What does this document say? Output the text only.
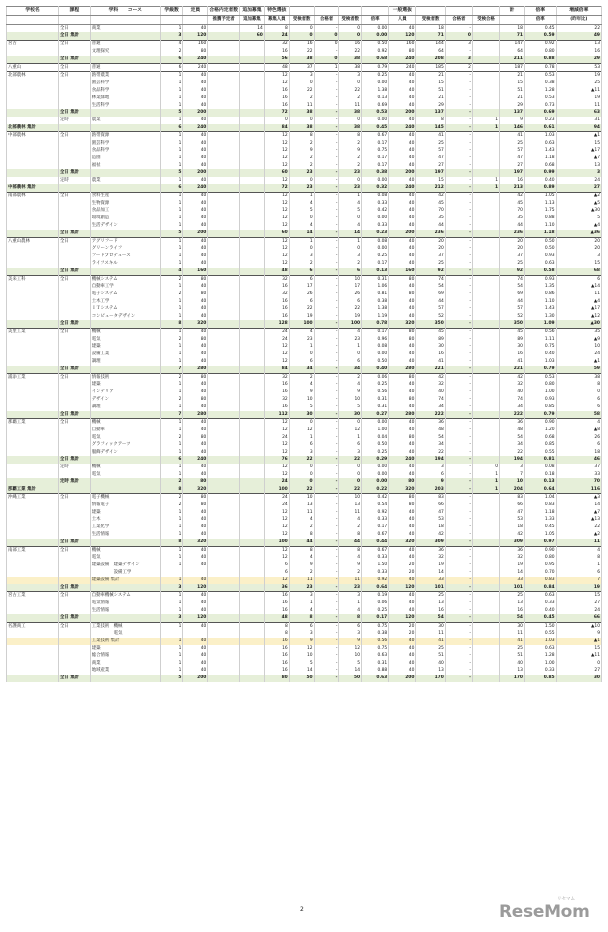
学校名	課程	学科　　コース	学級数	定員	合格内定者数	追加募集	特色選抜					一般選抜				計	倍率	増減倍率
					推薦予定者	追加募集	募集人員	受検者数	合格者	受検者数	倍率	人員	受検者数	合格者	受検合格		倍率	(昨年比)
	全日	商業	1	40		14	8	0	-	0	0.00	40	18	-		18	0.45	22
	全日 集計		3	120		60	24	0	0	0	0.00	120	71	0		71	0.59	49
宮古	全日	普通	4	160			32	16	0	16	0.50	160	144	3		147	0.92	13
		文理探究	2	80			16	22	-	22	0.92	80	64	-		64	0.80	16
	全日 集計		6	240			56	38	0	38	0.68	240	208	3		211	0.88	29
八重山	全日	普通	6	240			48	37	1	38	0.79	240	185	2		187	0.78	53
北部農林	全日	熱帯農業	1	40			12	3	-	3	0.25	40	21	-		21	0.53	19
		園芸科学	1	40			12	0	-	0	0.00	40	15	-		15	0.38	25
		食品科学	1	40			16	22	-	22	1.38	40	51	-		51	1.28	▲11
		林業緑地	1	40			16	2	-	2	0.13	40	21	-		21	0.53	19
		生活科学	1	40			16	11	-	11	0.69	40	29	-		29	0.73	11
	全日 集計		5	200			72	38	-	38	0.53	200	137	-		137	0.69	63
	定時	農業	1	40			0	0	-	0	0.00	40	8	-	1	9	0.23	31
北部農林 集計			6	240			84	38	-	38	0.45	240	145	-	1	146	0.61	94
中部農林	全日	熱帯資源	1	40			12	8	-	8	0.67	40	41	-		41	1.03	▲1
		園芸科学	1	40			12	2	-	2	0.17	40	25	-		25	0.63	15
		食品科学	1	40			12	9	-	9	0.75	40	57	-		57	1.43	▲17
		造園	1	40			12	2	-	2	0.17	40	47	-		47	1.18	▲7
		福祉	1	40			12	2	-	2	0.17	40	27	-		27	0.68	13
	全日 集計		5	200			60	23	-	23	0.38	200	197	-		197	0.99	3
	定時	農業	1	40			12	0	-	0	0.00	40	15	-	1	16	0.40	24
中部農林 集計			6	240			72	23	-	23	0.32	240	212	-	1	213	0.89	27
南部農林	全日	食料生産	1	40			12	1	-	1	0.08	40	42	-		42	1.05	▲2
		生物資源	1	40			12	4	-	4	0.33	40	45	-		45	1.13	▲5
		食品加工	1	40			12	5	-	5	0.42	40	70	-		70	1.75	▲30
		環境創造	1	40			12	0	-	0	0.00	40	35	-		35	0.88	5
		生活デザイン	1	40			12	4	-	4	0.33	40	44	-		44	1.10	▲4
	全日 集計		5	200			60	14	-	14	0.23	200	236	-		236	1.18	▲36
八重山農林	全日	アグリフード	1	40			12	1	-	1	0.08	40	20	-		20	0.50	20
		グリーンライフ	1	40			12	0	-	0	0.00	40	20	-		20	0.50	20
		フードプロデュース	1	40			12	3	-	3	0.25	40	37	-		37	0.93	3
		ライフスキル	1	40			12	2	-	2	0.17	40	25	-		25	0.63	15
	全日 集計		4	160			48	6	-	6	0.13	160	92	-		92	0.58	68
美来工科	全日	機械システム	2	80			32	6	-	10	0.31	80	74	-		74	0.93	6
		自動車工学	1	40			16	17	-	17	1.06	40	54	-		54	1.35	▲14
		電子システム	2	80			32	26	-	26	0.81	80	69	-		69	0.86	11
		土木工学	1	40			16	6	-	6	0.38	40	44	-		44	1.10	▲4
		ＩＴシステム	1	40			16	22	-	22	1.38	40	57	-		57	1.43	▲17
		コンピュータデザイン	1	40			16	19	-	19	1.19	40	52	-		52	1.30	▲12
	全日 集計		8	320			128	100	-	100	0.78	320	350	-		350	1.09	▲30
美里工業	全日	機械	1	40			24	4	-	4	0.17	80	45	-		45	0.56	35
		電気	2	80			24	23	-	23	0.96	80	89	-		89	1.11	▲9
		建築	1	40			12	1	-	1	0.08	40	30	-		30	0.75	10
		設備工業	1	40			12	0	-	0	0.00	40	16	-		16	0.40	24
		調理	1	40			12	6	-	6	0.50	40	41	-		41	1.03	▲1
	全日 集計		7	280			84	34	-	34	0.40	280	221	-		221	0.79	59
浦添工業	全日	情報技術	2	80			32	2	-	2	0.06	80	42	-		42	0.53	38
		建築	1	40			16	4	-	4	0.25	40	32	-		32	0.80	8
		インテリア	1	40			16	9	-	9	0.56	40	40	-		40	1.00	0
		デザイン	2	80			32	10	-	10	0.31	80	74	-		74	0.93	6
		調理	1	40			16	5	-	5	0.31	40	34	-		34	0.85	6
	全日 集計		7	280			112	30	-	30	0.27	280	222	-		222	0.79	58
那覇工業	全日	機械	1	40			12	0	-	0	0.00	40	36	-		36	0.90	4
		自動車	1	40			12	12	-	12	1.00	40	48	-		48	1.20	▲8
		電気	2	80			24	1	-	1	0.04	80	54	-		54	0.68	26
		グラフィックアーツ	1	40			12	6	-	6	0.50	40	34	-		34	0.85	6
		服飾デザイン	1	40			12	3	-	3	0.25	40	22	-		22	0.55	18
	全日 集計		6	240			76	22	-	22	0.29	240	194	-		194	0.81	46
	定時	機械	1	40			12	0	-	0	0.00	40	3	-	0	3	0.08	37
		電気	1	40			12	0	-	0	0.00	40	6	-	1	7	0.18	33
	定時 集計		2	80			24	0	-	0	0.00	80	9	-	1	10	0.13	70
那覇工業 集計			8	320			100	22	-	22	0.22	320	203	-	1	204	0.64	116
沖縄工業	全日	電子機械	2	80			24	10	-	10	0.42	80	83	-		83	1.04	▲3
		情報電子	2	80			24	13	-	13	0.54	80	66	-		66	0.83	14
		建築	1	40			12	11	-	11	0.92	40	47	-		47	1.18	▲7
		土木	1	40			12	4	-	4	0.33	40	53	-		53	1.33	▲13
		工業化学	1	40			12	2	-	2	0.17	40	18	-		18	0.45	22
		生活情報	1	40			12	8	-	8	0.67	40	42	-		42	1.05	▲2
	全日 集計		8	320			100	44	-	44	0.44	320	309	-		309	0.97	11
南部工業	全日	機械	1	40			12	8	-	8	0.67	40	36	-		36	0.90	4
		電気	1	40			12	4	-	4	0.33	40	32	-		32	0.80	8
		建築設備　建築デザイン	1	40			6	9	-	9	1.50	20	19	-		19	0.95	1
		　　　　　設備工学					6	2	-	2	0.33	20	14	-		14	0.70	6
		建築設備 集計	1	40			12	11	-	11	0.92	40	33	-		33	0.83	7
	全日 集計		3	120			36	23	-	23	0.64	120	101	-		101	0.84	19
宮古工業	全日	自動車機械システム	1	40			16	3	-	3	0.19	40	25	-		25	0.63	15
		電気情報	1	40			16	1	-	1	0.06	40	13	-		13	0.33	27
		生活情報	1	40			16	4	-	4	0.25	40	16	-		16	0.40	24
	全日 集計		3	120			48	8	-	8	0.17	120	54	-		54	0.45	66
名護商工	全日	工業技術　機械	1	40			8	6	-	6	0.75	20	30	-		30	1.50	▲10
		　　　　　電気					8	3	-	3	0.38	20	11	-		11	0.55	9
		工業技術 集計	1	40			16	9	-	9	0.56	40	41	-		41	1.03	▲1
		建築	1	40			16	12	-	12	0.75	40	25	-		25	0.63	15
		総合情報	1	40			16	10	-	10	0.63	40	51	-		51	1.28	▲11
		商業	1	40			16	5	-	5	0.31	40	40	-		40	1.00	0
		地域産業	1	40			16	14	-	14	0.88	40	13	-		13	0.33	27
	全日 集計		5	200			80	50	-	50	0.63	200	170	-		170	0.85	30
2
リセマム
ReseMom
